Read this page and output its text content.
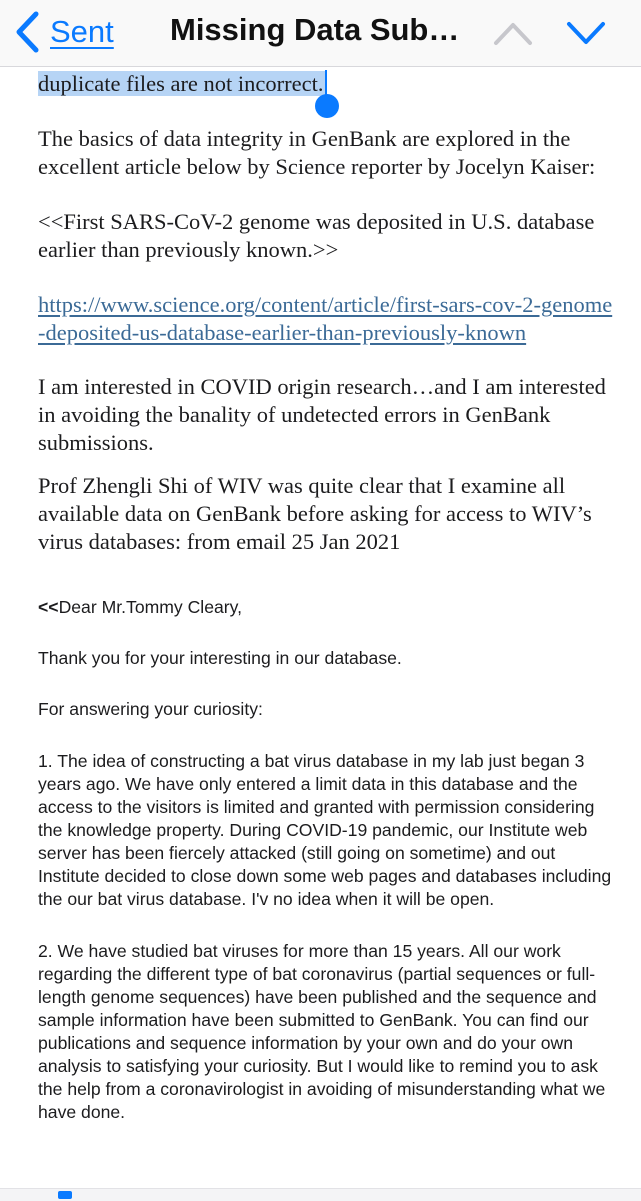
Sent Missing Data Sub…
duplicate files are not incorrect.

The basics of data integrity in GenBank are explored in the excellent article below by Science reporter by Jocelyn Kaiser:

<<First SARS-CoV-2 genome was deposited in U.S. database earlier than previously known.>>

https://www.science.org/content/article/first-sars-cov-2-genome-deposited-us-database-earlier-than-previously-known

I am interested in COVID origin research…and I am interested in avoiding the banality of undetected errors in GenBank submissions.

Prof Zhengli Shi of WIV was quite clear that I examine all available data on GenBank before asking for access to WIV’s virus databases: from email 25 Jan 2021

<<Dear Mr.Tommy Cleary,

Thank you for your interesting in our database.

For answering your curiosity:

1. The idea of constructing a bat virus database in my lab just began 3 years ago. We have only entered a limit data in this database and the access to the visitors is limited and granted with permission considering the knowledge property. During COVID-19 pandemic, our Institute web server has been fiercely attacked (still going on sometime) and out Institute decided to close down some web pages and databases including the our bat virus database. I'v no idea when it will be open.

2. We have studied bat viruses for more than 15 years. All our work regarding the different type of bat coronavirus (partial sequences or full-length genome sequences) have been published and the sequence and sample information have been submitted to GenBank. You can find our publications and sequence information by your own and do your own analysis to satisfying your curiosity. But I would like to remind you to ask the help from a coronavirologist in avoiding of misunderstanding what we have done.
